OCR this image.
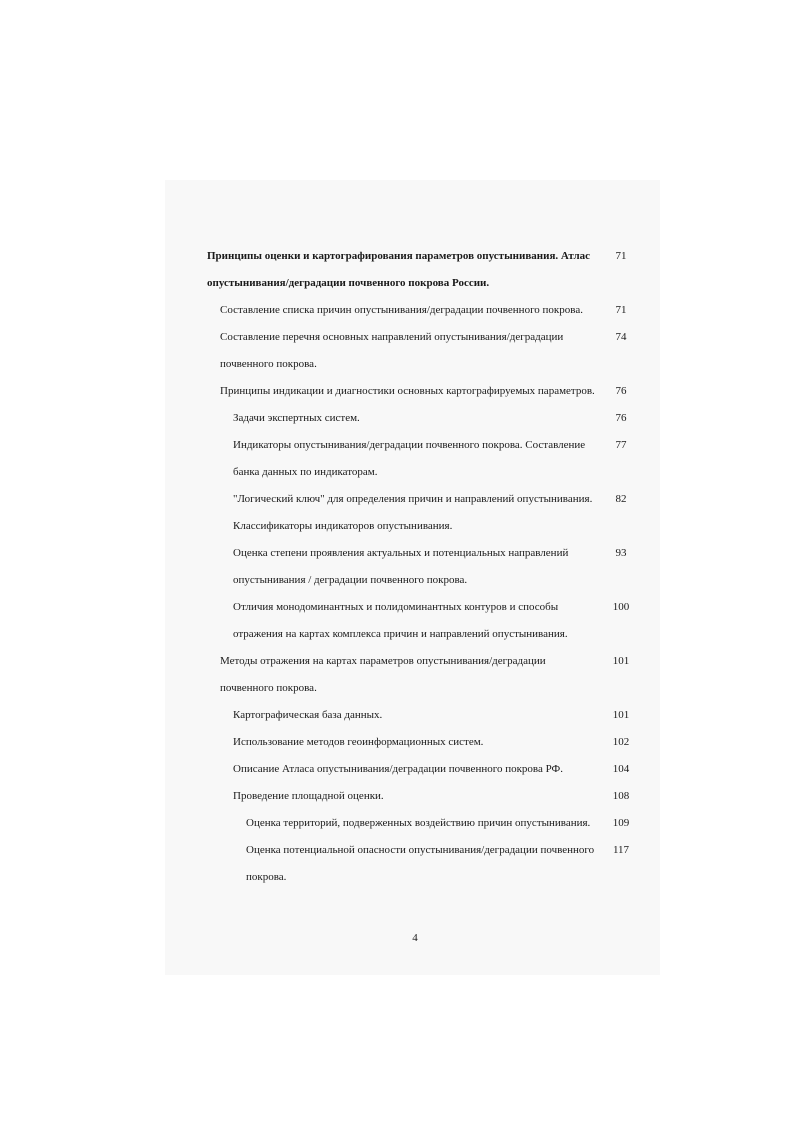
Принципы оценки и картографирования параметров опустынивания. Атлас
опустынивания/деградации почвенного покрова России.
71
Составление списка причин опустынивания/деградации почвенного покрова.	71
Составление перечня основных направлений опустынивания/деградации
почвенного покрова.
74
Принципы индикации и диагностики основных картографируемых параметров.	76
Задачи экспертных систем.	76
Индикаторы опустынивания/деградации почвенного покрова. Составление
банка данных по индикаторам.
77
"Логический ключ" для определения причин и направлений опустынивания.	82
Классификаторы индикаторов опустынивания.
Оценка степени проявления актуальных и потенциальных направлений
опустынивания / деградации почвенного покрова.
93
Отличия монодоминантных и полидоминантных контуров и способы
отражения на картах комплекса причин и направлений опустынивания.
100
Методы отражения на картах параметров опустынивания/деградации
почвенного покрова.
101
Картографическая база данных.	101
Использование методов геоинформационных систем.	102
Описание Атласа опустынивания/деградации почвенного покрова РФ.	104
Проведение площадной оценки.	108
Оценка территорий, подверженных воздействию причин опустынивания.	109
Оценка потенциальной опасности опустынивания/деградации почвенного
покрова.
117
4
